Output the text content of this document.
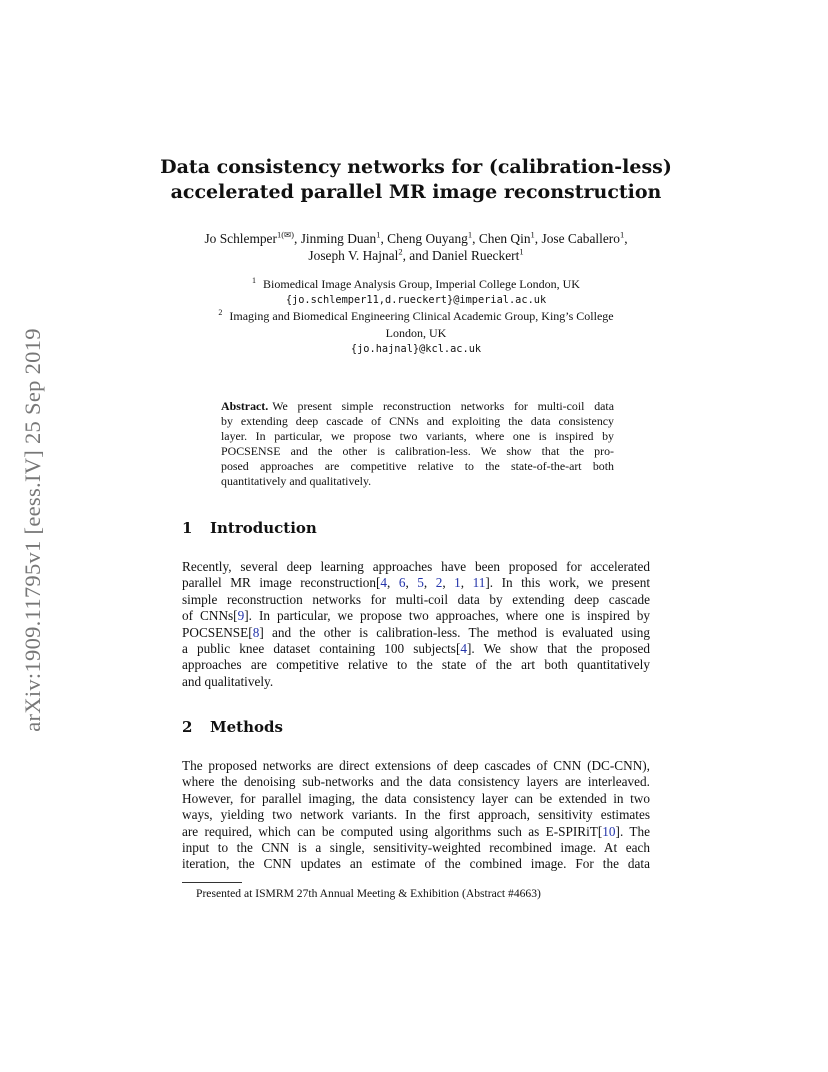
arXiv:1909.11795v1 [eess.IV] 25 Sep 2019
Data consistency networks for (calibration-less)
accelerated parallel MR image reconstruction
Jo Schlemper$^{1(✉)}$, Jinming Duan$^1$, Cheng Ouyang$^1$, Chen Qin$^1$, Jose Caballero$^1$,
Joseph V. Hajnal$^2$, and Daniel Rueckert$^1$
$^1$ Biomedical Image Analysis Group, Imperial College London, UK
{jo.schlemper11,d.rueckert}@imperial.ac.uk
$^2$ Imaging and Biomedical Engineering Clinical Academic Group, King’s College
London, UK
{jo.hajnal}@kcl.ac.uk
Abstract. We present simple reconstruction networks for multi-coil data
by extending deep cascade of CNNs and exploiting the data consistency
layer. In particular, we propose two variants, where one is inspired by
POCSENSE and the other is calibration-less. We show that the pro-
posed approaches are competitive relative to the state-of-the-art both
quantitatively and qualitatively.
1 Introduction
Recently, several deep learning approaches have been proposed for accelerated
parallel MR image reconstruction[4, 6, 5, 2, 1, 11]. In this work, we present
simple reconstruction networks for multi-coil data by extending deep cascade
of CNNs[9]. In particular, we propose two approaches, where one is inspired by
POCSENSE[8] and the other is calibration-less. The method is evaluated using
a public knee dataset containing 100 subjects[4]. We show that the proposed
approaches are competitive relative to the state of the art both quantitatively
and qualitatively.
2 Methods
The proposed networks are direct extensions of deep cascades of CNN (DC-CNN),
where the denoising sub-networks and the data consistency layers are interleaved.
However, for parallel imaging, the data consistency layer can be extended in two
ways, yielding two network variants. In the first approach, sensitivity estimates
are required, which can be computed using algorithms such as E-SPIRiT[10]. The
input to the CNN is a single, sensitivity-weighted recombined image. At each
iteration, the CNN updates an estimate of the combined image. For the data
Presented at ISMRM 27th Annual Meeting & Exhibition (Abstract #4663)
